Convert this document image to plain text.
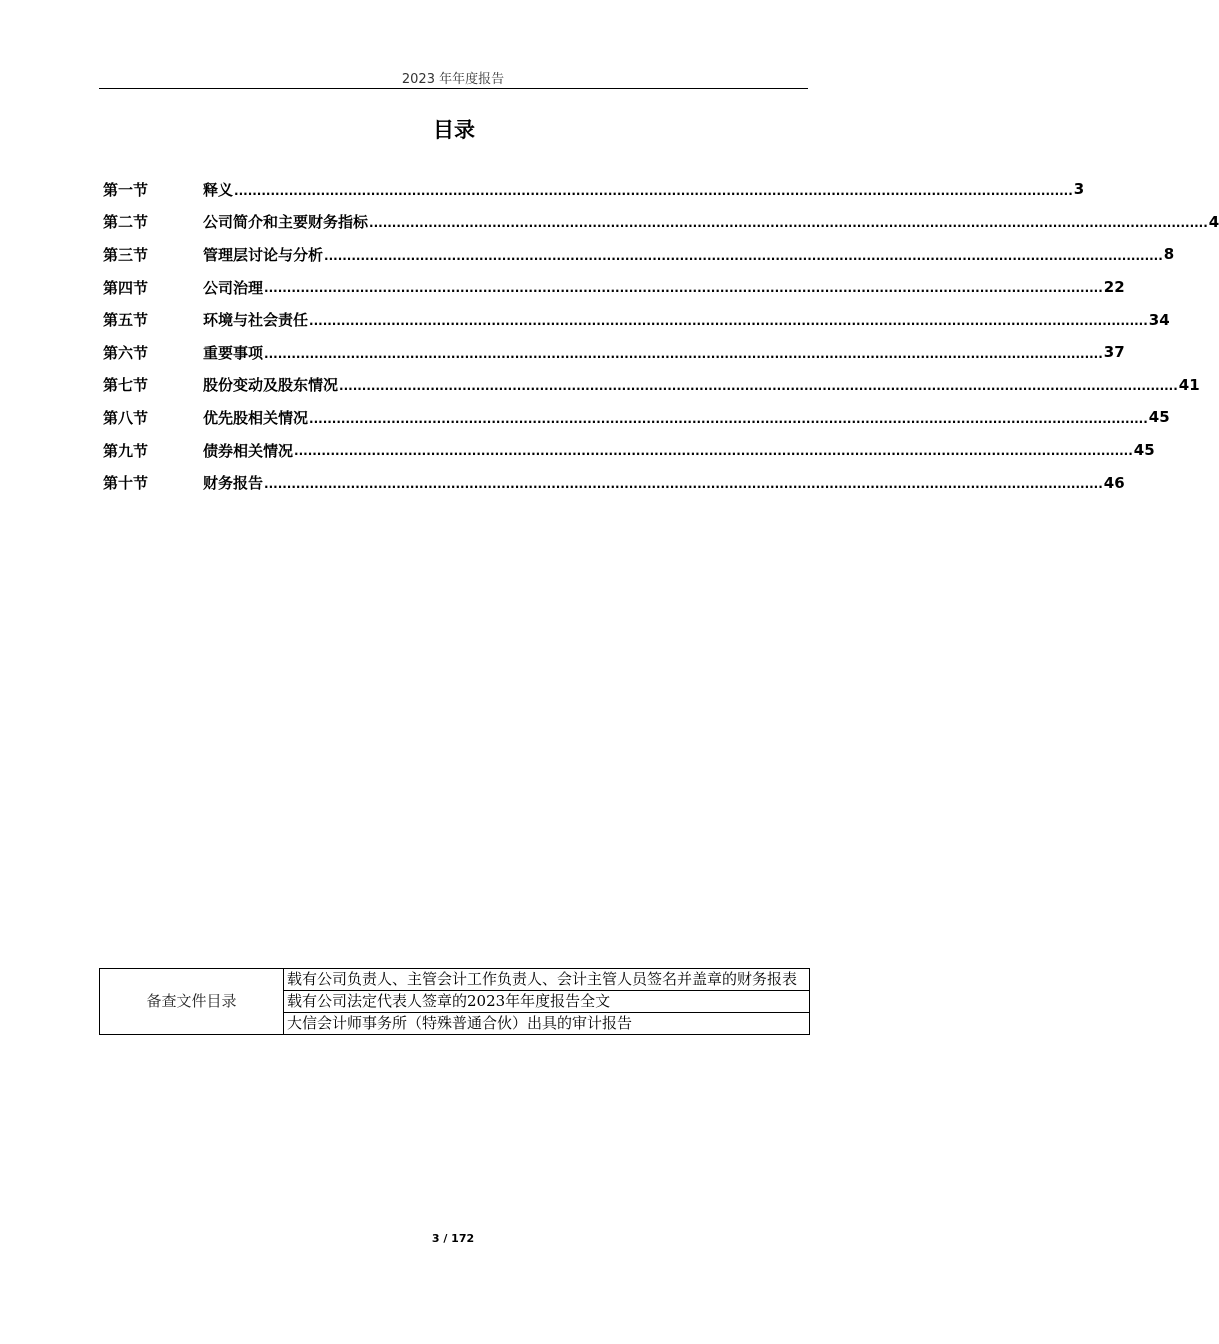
2023 年年度报告
目录
第一节	释义 ........................................................................................................................................................................................ 3
第二节	公司简介和主要财务指标 ........................................................................................................................................................................................ 4
第三节	管理层讨论与分析 ........................................................................................................................................................................................ 8
第四节	公司治理 ........................................................................................................................................................................................ 22
第五节	环境与社会责任 ........................................................................................................................................................................................ 34
第六节	重要事项 ........................................................................................................................................................................................ 37
第七节	股份变动及股东情况 ........................................................................................................................................................................................ 41
第八节	优先股相关情况 ........................................................................................................................................................................................ 45
第九节	债券相关情况 ........................................................................................................................................................................................ 45
第十节	财务报告 ........................................................................................................................................................................................ 46
备查文件目录	载有公司负责人、主管会计工作负责人、会计主管人员签名并盖章的财务报表
载有公司法定代表人签章的2023年年度报告全文
大信会计师事务所（特殊普通合伙）出具的审计报告
3 / 172
